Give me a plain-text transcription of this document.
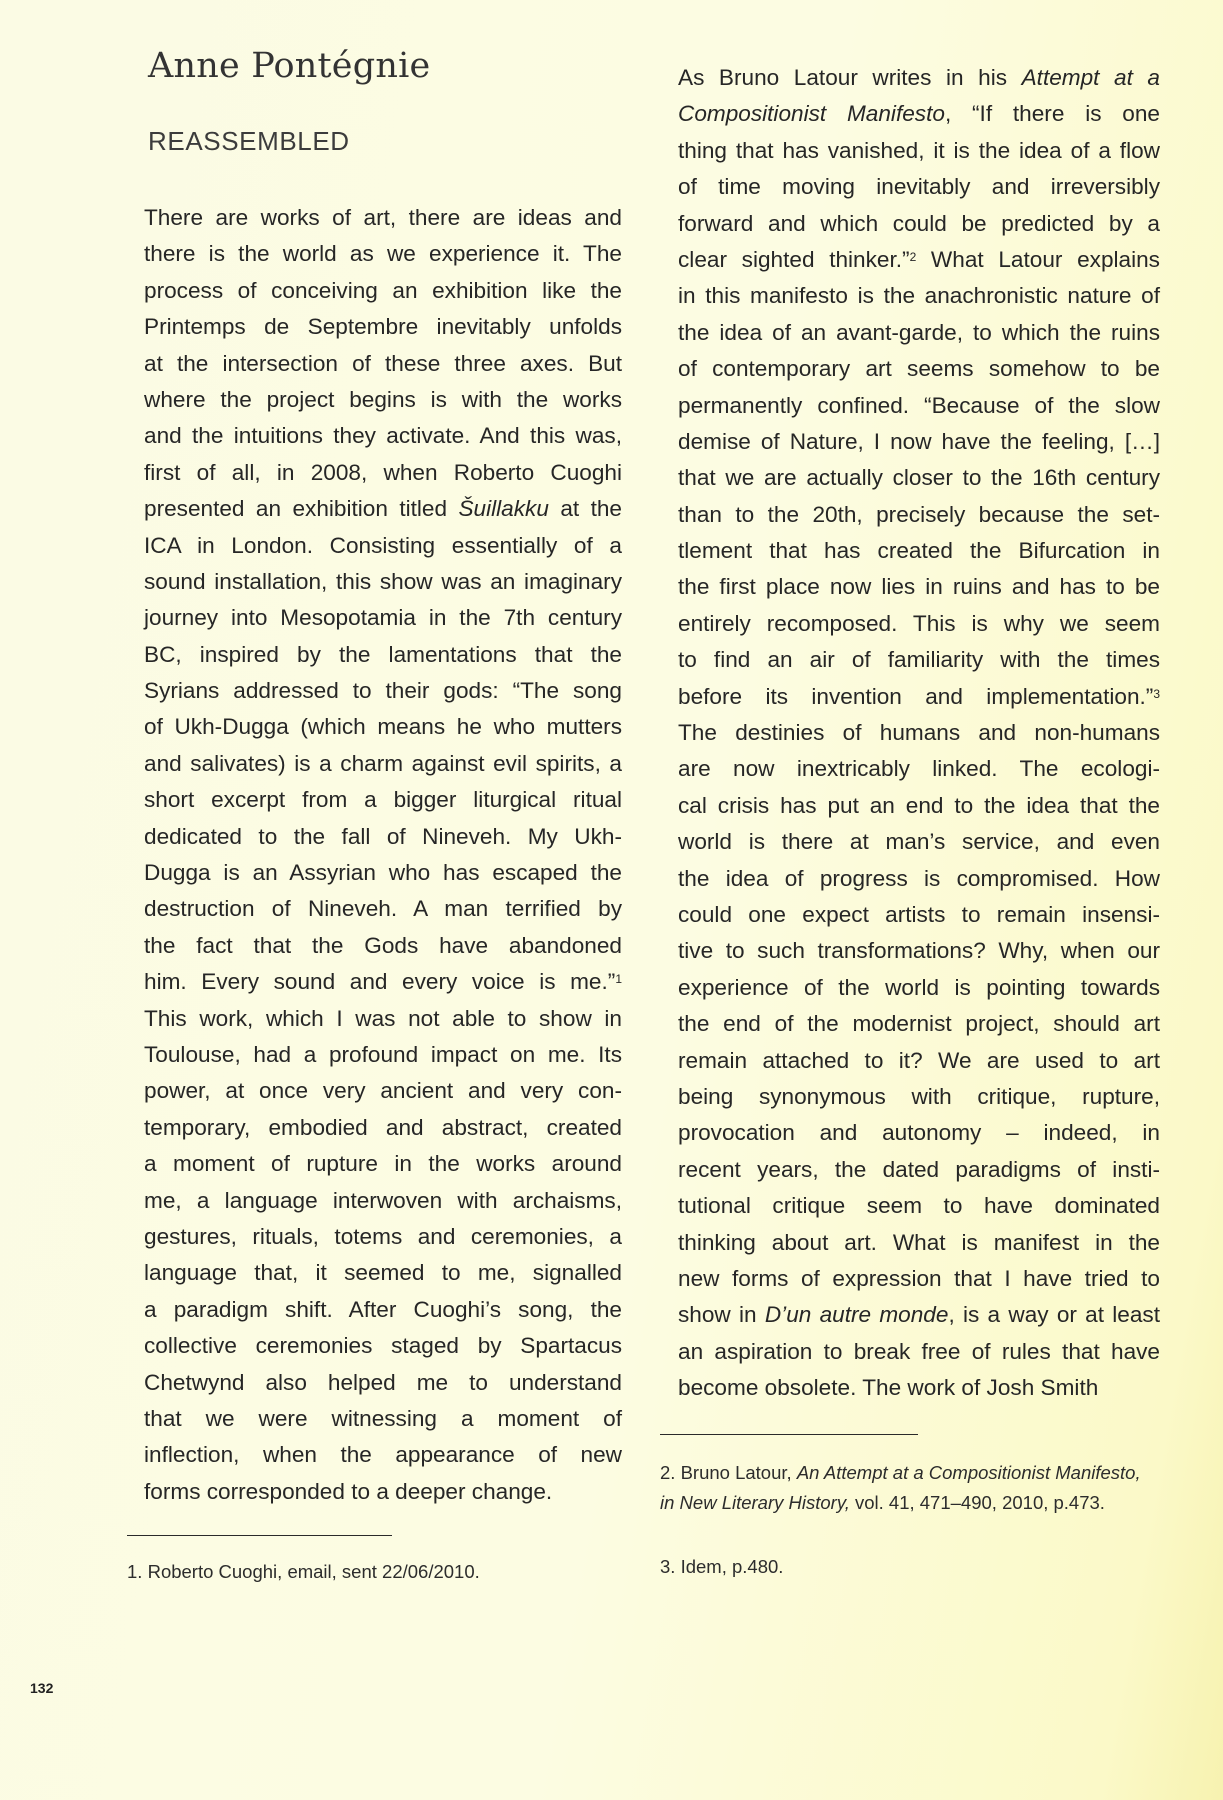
Anne Pontégnie
REASSEMBLED
There are works of art, there are ideas and
there is the world as we experience it. The
process of conceiving an exhibition like the
Printemps de Septembre inevitably unfolds
at the intersection of these three axes. But
where the project begins is with the works
and the intuitions they activate. And this was,
first of all, in 2008, when Roberto Cuoghi
presented an exhibition titled Šuillakku at the
ICA in London. Consisting essentially of a
sound installation, this show was an imaginary
journey into Mesopotamia in the 7th century
BC, inspired by the lamentations that the
Syrians addressed to their gods: “The song
of Ukh-Dugga (which means he who mutters
and salivates) is a charm against evil spirits, a
short excerpt from a bigger liturgical ritual
dedicated to the fall of Nineveh. My Ukh-
Dugga is an Assyrian who has escaped the
destruction of Nineveh. A man terrified by
the fact that the Gods have abandoned
him. Every sound and every voice is me.”$^1$
This work, which I was not able to show in
Toulouse, had a profound impact on me. Its
power, at once very ancient and very con-
temporary, embodied and abstract, created
a moment of rupture in the works around
me, a language interwoven with archaisms,
gestures, rituals, totems and ceremonies, a
language that, it seemed to me, signalled
a paradigm shift. After Cuoghi’s song, the
collective ceremonies staged by Spartacus
Chetwynd also helped me to understand
that we were witnessing a moment of
inflection, when the appearance of new
forms corresponded to a deeper change.
As Bruno Latour writes in his Attempt at a
Compositionist Manifesto, “If there is one
thing that has vanished, it is the idea of a flow
of time moving inevitably and irreversibly
forward and which could be predicted by a
clear sighted thinker.”$^2$ What Latour explains
in this manifesto is the anachronistic nature of
the idea of an avant-garde, to which the ruins
of contemporary art seems somehow to be
permanently confined. “Because of the slow
demise of Nature, I now have the feeling, […]
that we are actually closer to the 16th century
than to the 20th, precisely because the set-
tlement that has created the Bifurcation in
the first place now lies in ruins and has to be
entirely recomposed. This is why we seem
to find an air of familiarity with the times
before its invention and implementation.”$^3$
The destinies of humans and non-humans
are now inextricably linked. The ecologi-
cal crisis has put an end to the idea that the
world is there at man’s service, and even
the idea of progress is compromised. How
could one expect artists to remain insensi-
tive to such transformations? Why, when our
experience of the world is pointing towards
the end of the modernist project, should art
remain attached to it? We are used to art
being synonymous with critique, rupture,
provocation and autonomy – indeed, in
recent years, the dated paradigms of insti-
tutional critique seem to have dominated
thinking about art. What is manifest in the
new forms of expression that I have tried to
show in D’un autre monde, is a way or at least
an aspiration to break free of rules that have
become obsolete. The work of Josh Smith

1. Roberto Cuoghi, email, sent 22/06/2010.

2. Bruno Latour, An Attempt at a Compositionist Manifesto, in New Literary History, vol. 41, 471–490, 2010, p.473.

3. Idem, p.480.

132
